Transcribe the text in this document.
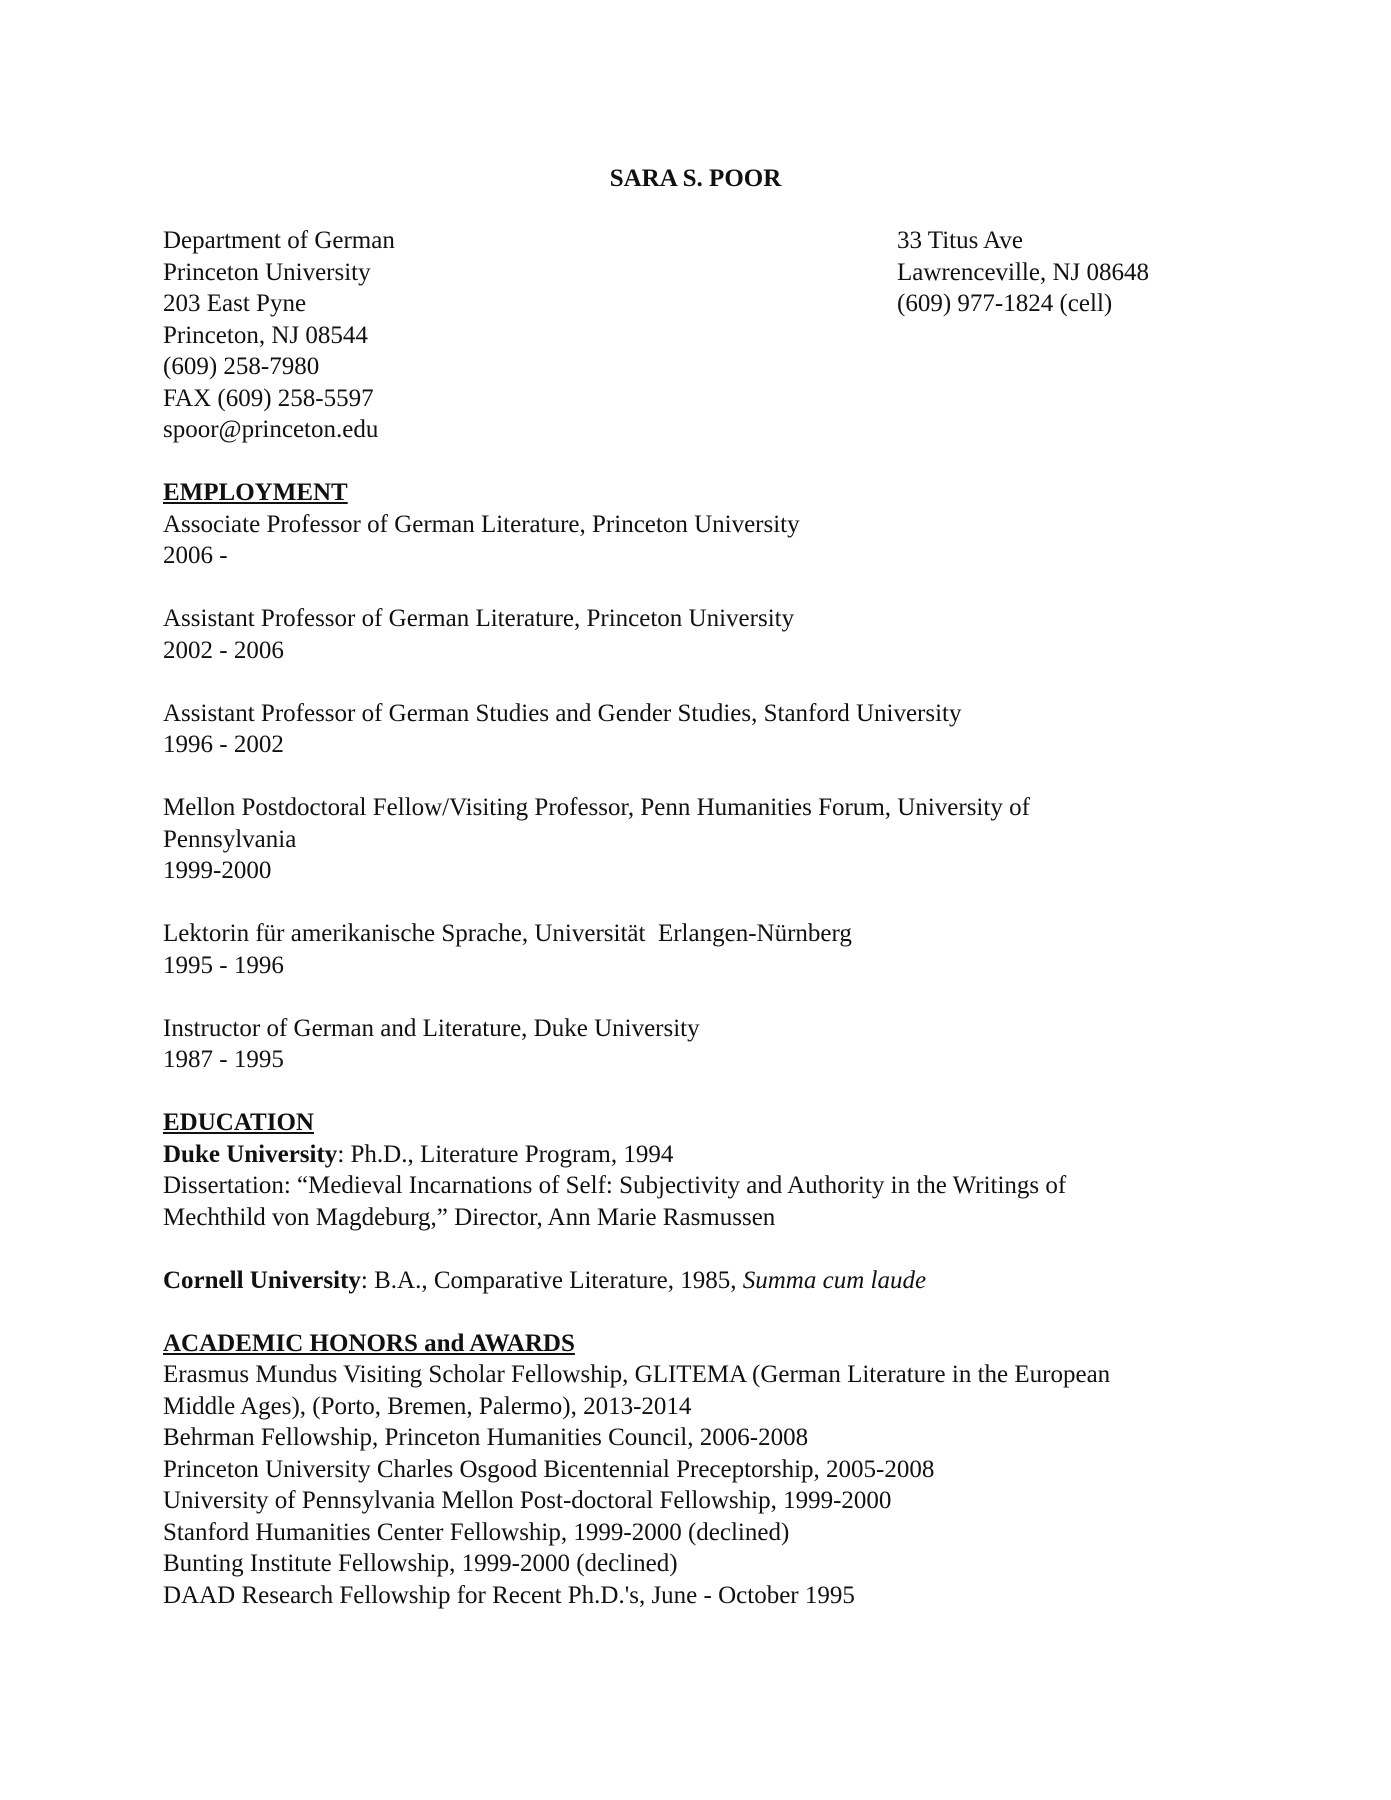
SARA S. POOR
Department of German
Princeton University
203 East Pyne
Princeton, NJ 08544
(609) 258-7980
FAX (609) 258-5597
spoor@princeton.edu
33 Titus Ave
Lawrenceville, NJ 08648
(609) 977-1824 (cell)
EMPLOYMENT
Associate Professor of German Literature, Princeton University
2006 -
Assistant Professor of German Literature, Princeton University
2002 - 2006
Assistant Professor of German Studies and Gender Studies, Stanford University
1996 - 2002
Mellon Postdoctoral Fellow/Visiting Professor, Penn Humanities Forum, University of
Pennsylvania
1999-2000
Lektorin für amerikanische Sprache, Universität  Erlangen-Nürnberg
1995 - 1996
Instructor of German and Literature, Duke University
1987 - 1995
EDUCATION
Duke University: Ph.D., Literature Program, 1994
Dissertation: “Medieval Incarnations of Self: Subjectivity and Authority in the Writings of
Mechthild von Magdeburg,” Director, Ann Marie Rasmussen
Cornell University: B.A., Comparative Literature, 1985, Summa cum laude
ACADEMIC HONORS and AWARDS
Erasmus Mundus Visiting Scholar Fellowship, GLITEMA (German Literature in the European
Middle Ages), (Porto, Bremen, Palermo), 2013-2014
Behrman Fellowship, Princeton Humanities Council, 2006-2008
Princeton University Charles Osgood Bicentennial Preceptorship, 2005-2008
University of Pennsylvania Mellon Post-doctoral Fellowship, 1999-2000
Stanford Humanities Center Fellowship, 1999-2000 (declined)
Bunting Institute Fellowship, 1999-2000 (declined)
DAAD Research Fellowship for Recent Ph.D.'s, June - October 1995
